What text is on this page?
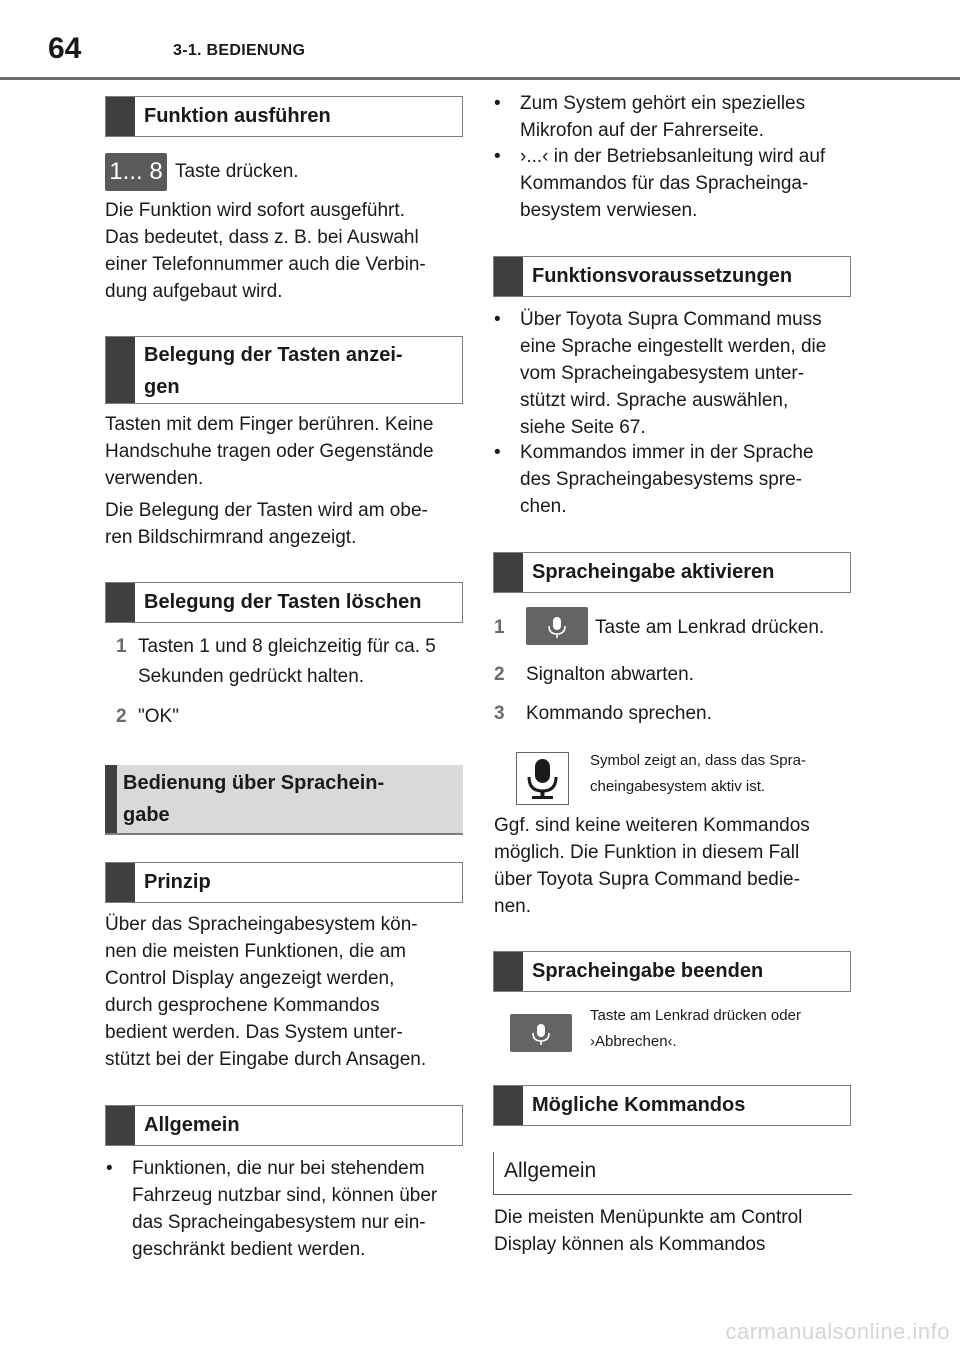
64	3-1. BEDIENUNG
Funktion ausführen
1... 8 Taste drücken.
Die Funktion wird sofort ausgeführt.
Das bedeutet, dass z. B. bei Auswahl
einer Telefonnummer auch die Verbin-
dung aufgebaut wird.
Belegung der Tasten anzei-
gen
Tasten mit dem Finger berühren. Keine
Handschuhe tragen oder Gegenstände
verwenden.
Die Belegung der Tasten wird am obe-
ren Bildschirmrand angezeigt.
Belegung der Tasten löschen
1 Tasten 1 und 8 gleichzeitig für ca. 5
Sekunden gedrückt halten.
2 "OK"
Bedienung über Sprachein-
gabe
Prinzip
Über das Spracheingabesystem kön-
nen die meisten Funktionen, die am
Control Display angezeigt werden,
durch gesprochene Kommandos
bedient werden. Das System unter-
stützt bei der Eingabe durch Ansagen.
Allgemein
• Funktionen, die nur bei stehendem
Fahrzeug nutzbar sind, können über
das Spracheingabesystem nur ein-
geschränkt bedient werden.
• Zum System gehört ein spezielles
Mikrofon auf der Fahrerseite.
• ›...‹ in der Betriebsanleitung wird auf
Kommandos für das Spracheinga-
besystem verwiesen.
Funktionsvoraussetzungen
• Über Toyota Supra Command muss
eine Sprache eingestellt werden, die
vom Spracheingabesystem unter-
stützt wird. Sprache auswählen,
siehe Seite 67.
• Kommandos immer in der Sprache
des Spracheingabesystems spre-
chen.
Spracheingabe aktivieren
1	Taste am Lenkrad drücken.
2 Signalton abwarten.
3 Kommando sprechen.
Symbol zeigt an, dass das Spra-
cheingabesystem aktiv ist.
Ggf. sind keine weiteren Kommandos
möglich. Die Funktion in diesem Fall
über Toyota Supra Command bedie-
nen.
Spracheingabe beenden
Taste am Lenkrad drücken oder
›Abbrechen‹.
Mögliche Kommandos
Allgemein
Die meisten Menüpunkte am Control
Display können als Kommandos
carmanualsonline.info
